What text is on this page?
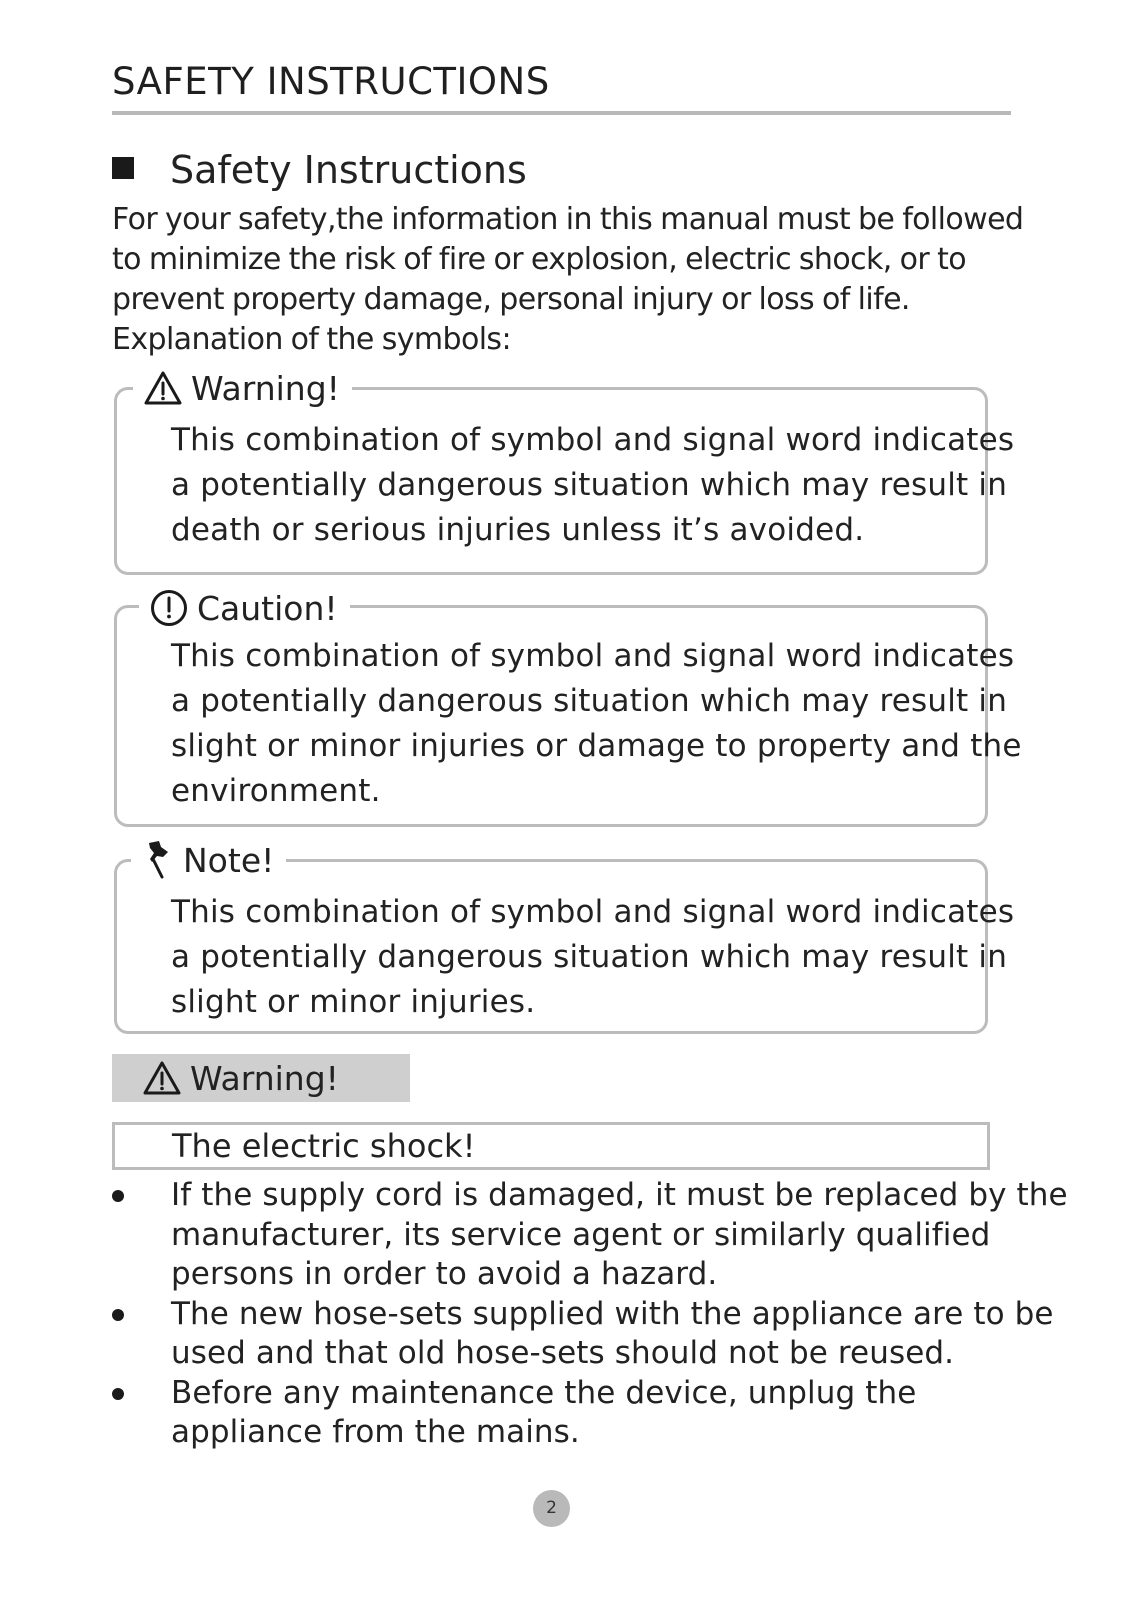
SAFETY INSTRUCTIONS
Safety Instructions

For your safety,the information in this manual must be followed

to minimize the risk of fire or explosion, electric shock, or to

prevent property damage, personal injury or loss of life.

Explanation of the symbols:

Warning!

This combination of symbol and signal word indicates

a potentially dangerous situation which may result in

death or serious injuries unless it’s avoided.

Caution!

This combination of symbol and signal word indicates

a potentially dangerous situation which may result in

slight or minor injuries or damage to property and the

environment.

Note!

This combination of symbol and signal word indicates

a potentially dangerous situation which may result in

slight or minor injuries.

Warning!
The electric shock!

If the supply cord is damaged, it must be replaced by the

manufacturer, its service agent or similarly qualified

persons in order to avoid a hazard.

The new hose-sets supplied with the appliance are to be

used and that old hose-sets should not be reused.

Before any maintenance the device, unplug the

appliance from the mains.

2
